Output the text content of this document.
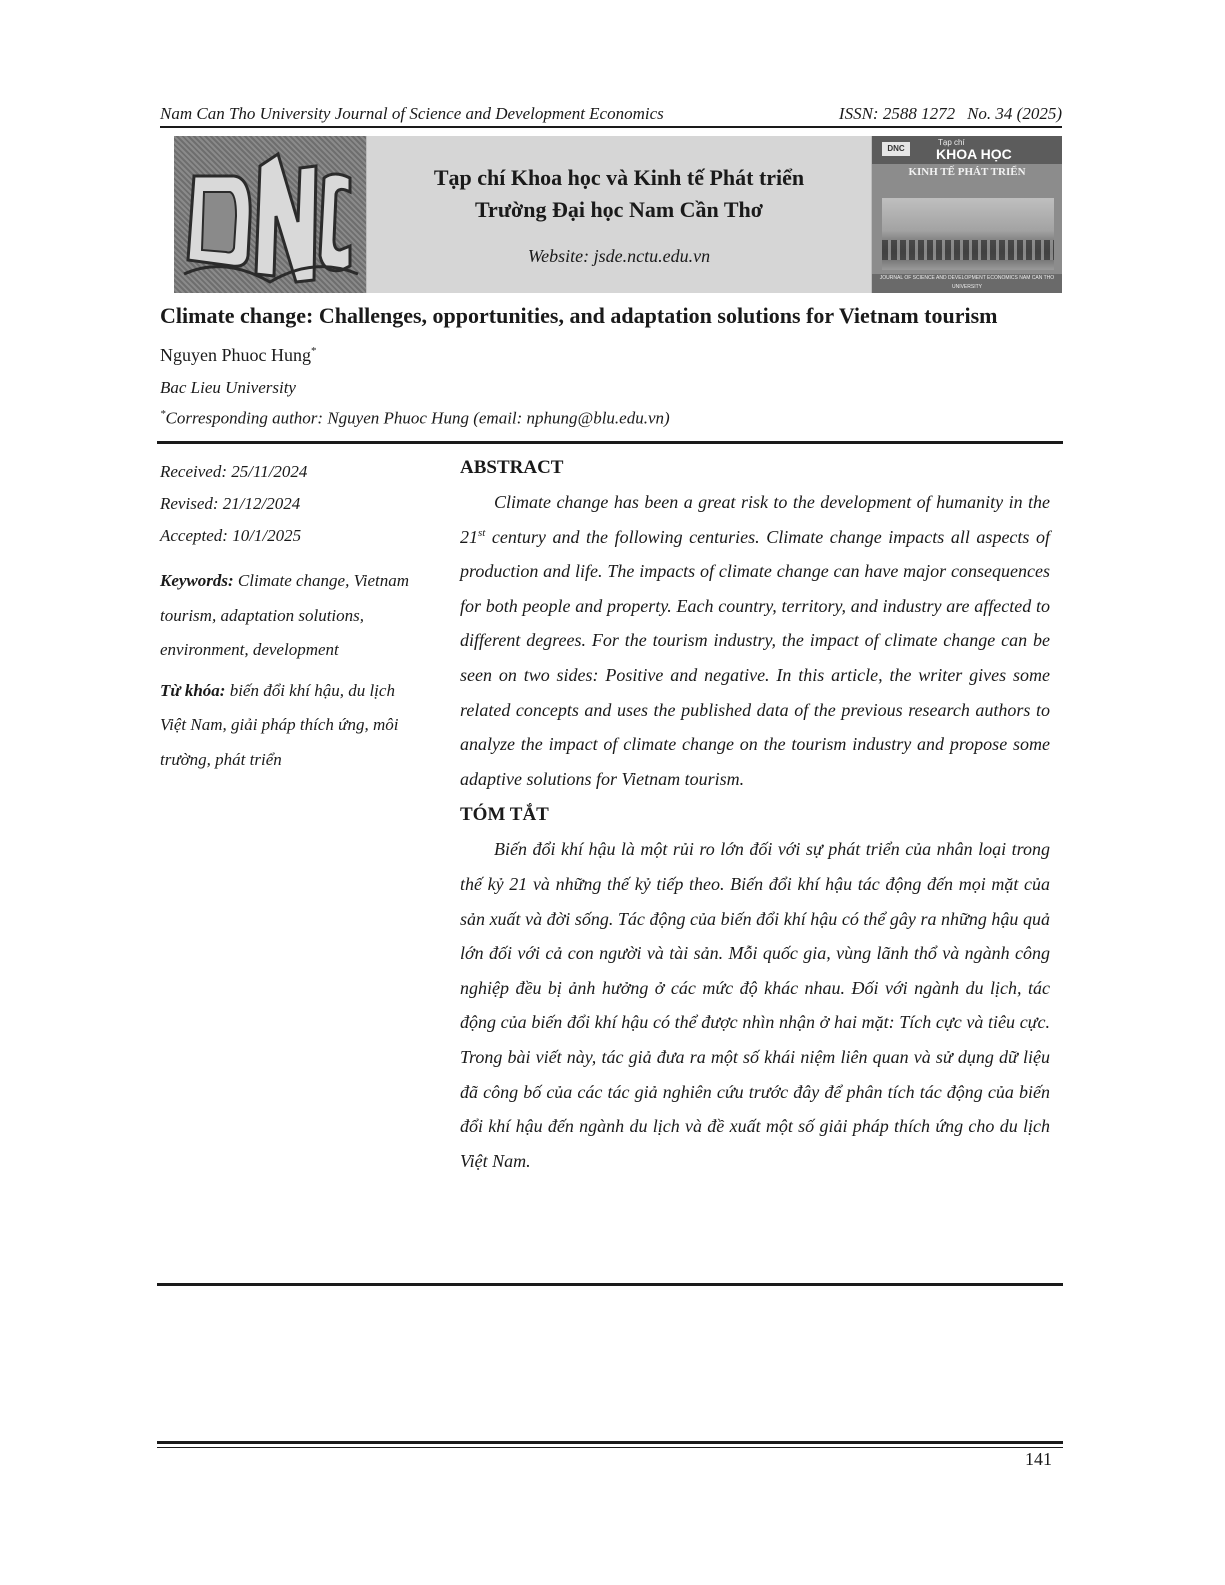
Nam Can Tho University Journal of Science and Development Economics	ISSN: 2588 1272 No. 34 (2025)
Tạp chí Khoa học và Kinh tế Phát triển
Trường Đại học Nam Cần Thơ
Website: jsde.nctu.edu.vn
DNC
Tạp chí
KHOA HỌC
KINH TẾ PHÁT TRIỂN
JOURNAL OF SCIENCE AND DEVELOPMENT ECONOMICS NAM CAN THO UNIVERSITY
Climate change: Challenges, opportunities, and adaptation solutions for Vietnam tourism
Nguyen Phuoc Hung*
Bac Lieu University
*Corresponding author: Nguyen Phuoc Hung (email: nphung@blu.edu.vn)
Received: 25/11/2024
Revised: 21/12/2024
Accepted: 10/1/2025
Keywords: Climate change, Vietnam tourism, adaptation solutions, environment, development
Từ khóa: biến đổi khí hậu, du lịch Việt Nam, giải pháp thích ứng, môi trường, phát triển
ABSTRACT

Climate change has been a great risk to the development of humanity in the 21st century and the following centuries. Climate change impacts all aspects of production and life. The impacts of climate change can have major consequences for both people and property. Each country, territory, and industry are affected to different degrees. For the tourism industry, the impact of climate change can be seen on two sides: Positive and negative. In this article, the writer gives some related concepts and uses the published data of the previous research authors to analyze the impact of climate change on the tourism industry and propose some adaptive solutions for Vietnam tourism.

TÓM TẮT

Biến đổi khí hậu là một rủi ro lớn đối với sự phát triển của nhân loại trong thế kỷ 21 và những thế kỷ tiếp theo. Biến đổi khí hậu tác động đến mọi mặt của sản xuất và đời sống. Tác động của biến đổi khí hậu có thể gây ra những hậu quả lớn đối với cả con người và tài sản. Mỗi quốc gia, vùng lãnh thổ và ngành công nghiệp đều bị ảnh hưởng ở các mức độ khác nhau. Đối với ngành du lịch, tác động của biến đổi khí hậu có thể được nhìn nhận ở hai mặt: Tích cực và tiêu cực. Trong bài viết này, tác giả đưa ra một số khái niệm liên quan và sử dụng dữ liệu đã công bố của các tác giả nghiên cứu trước đây để phân tích tác động của biến đổi khí hậu đến ngành du lịch và đề xuất một số giải pháp thích ứng cho du lịch Việt Nam.

141
